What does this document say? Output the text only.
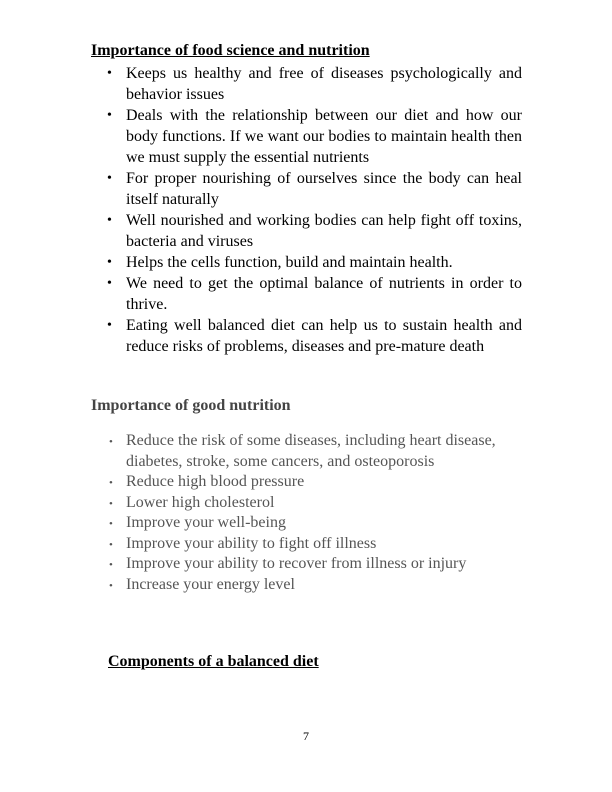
Importance of food science and nutrition
• Keeps us healthy and free of diseases psychologically and behavior issues
• Deals with the relationship between our diet and how our body functions. If we want our bodies to maintain health then we must supply the essential nutrients
• For proper nourishing of ourselves since the body can heal itself naturally
• Well nourished and working bodies can help fight off toxins, bacteria and viruses
• Helps the cells function, build and maintain health.
• We need to get the optimal balance of nutrients in order to thrive.
• Eating well balanced diet can help us to sustain health and reduce risks of problems, diseases and pre-mature death
Importance of good nutrition
• Reduce the risk of some diseases, including heart disease, diabetes, stroke, some cancers, and osteoporosis
• Reduce high blood pressure
• Lower high cholesterol
• Improve your well-being
• Improve your ability to fight off illness
• Improve your ability to recover from illness or injury
• Increase your energy level
Components of a balanced diet
7
